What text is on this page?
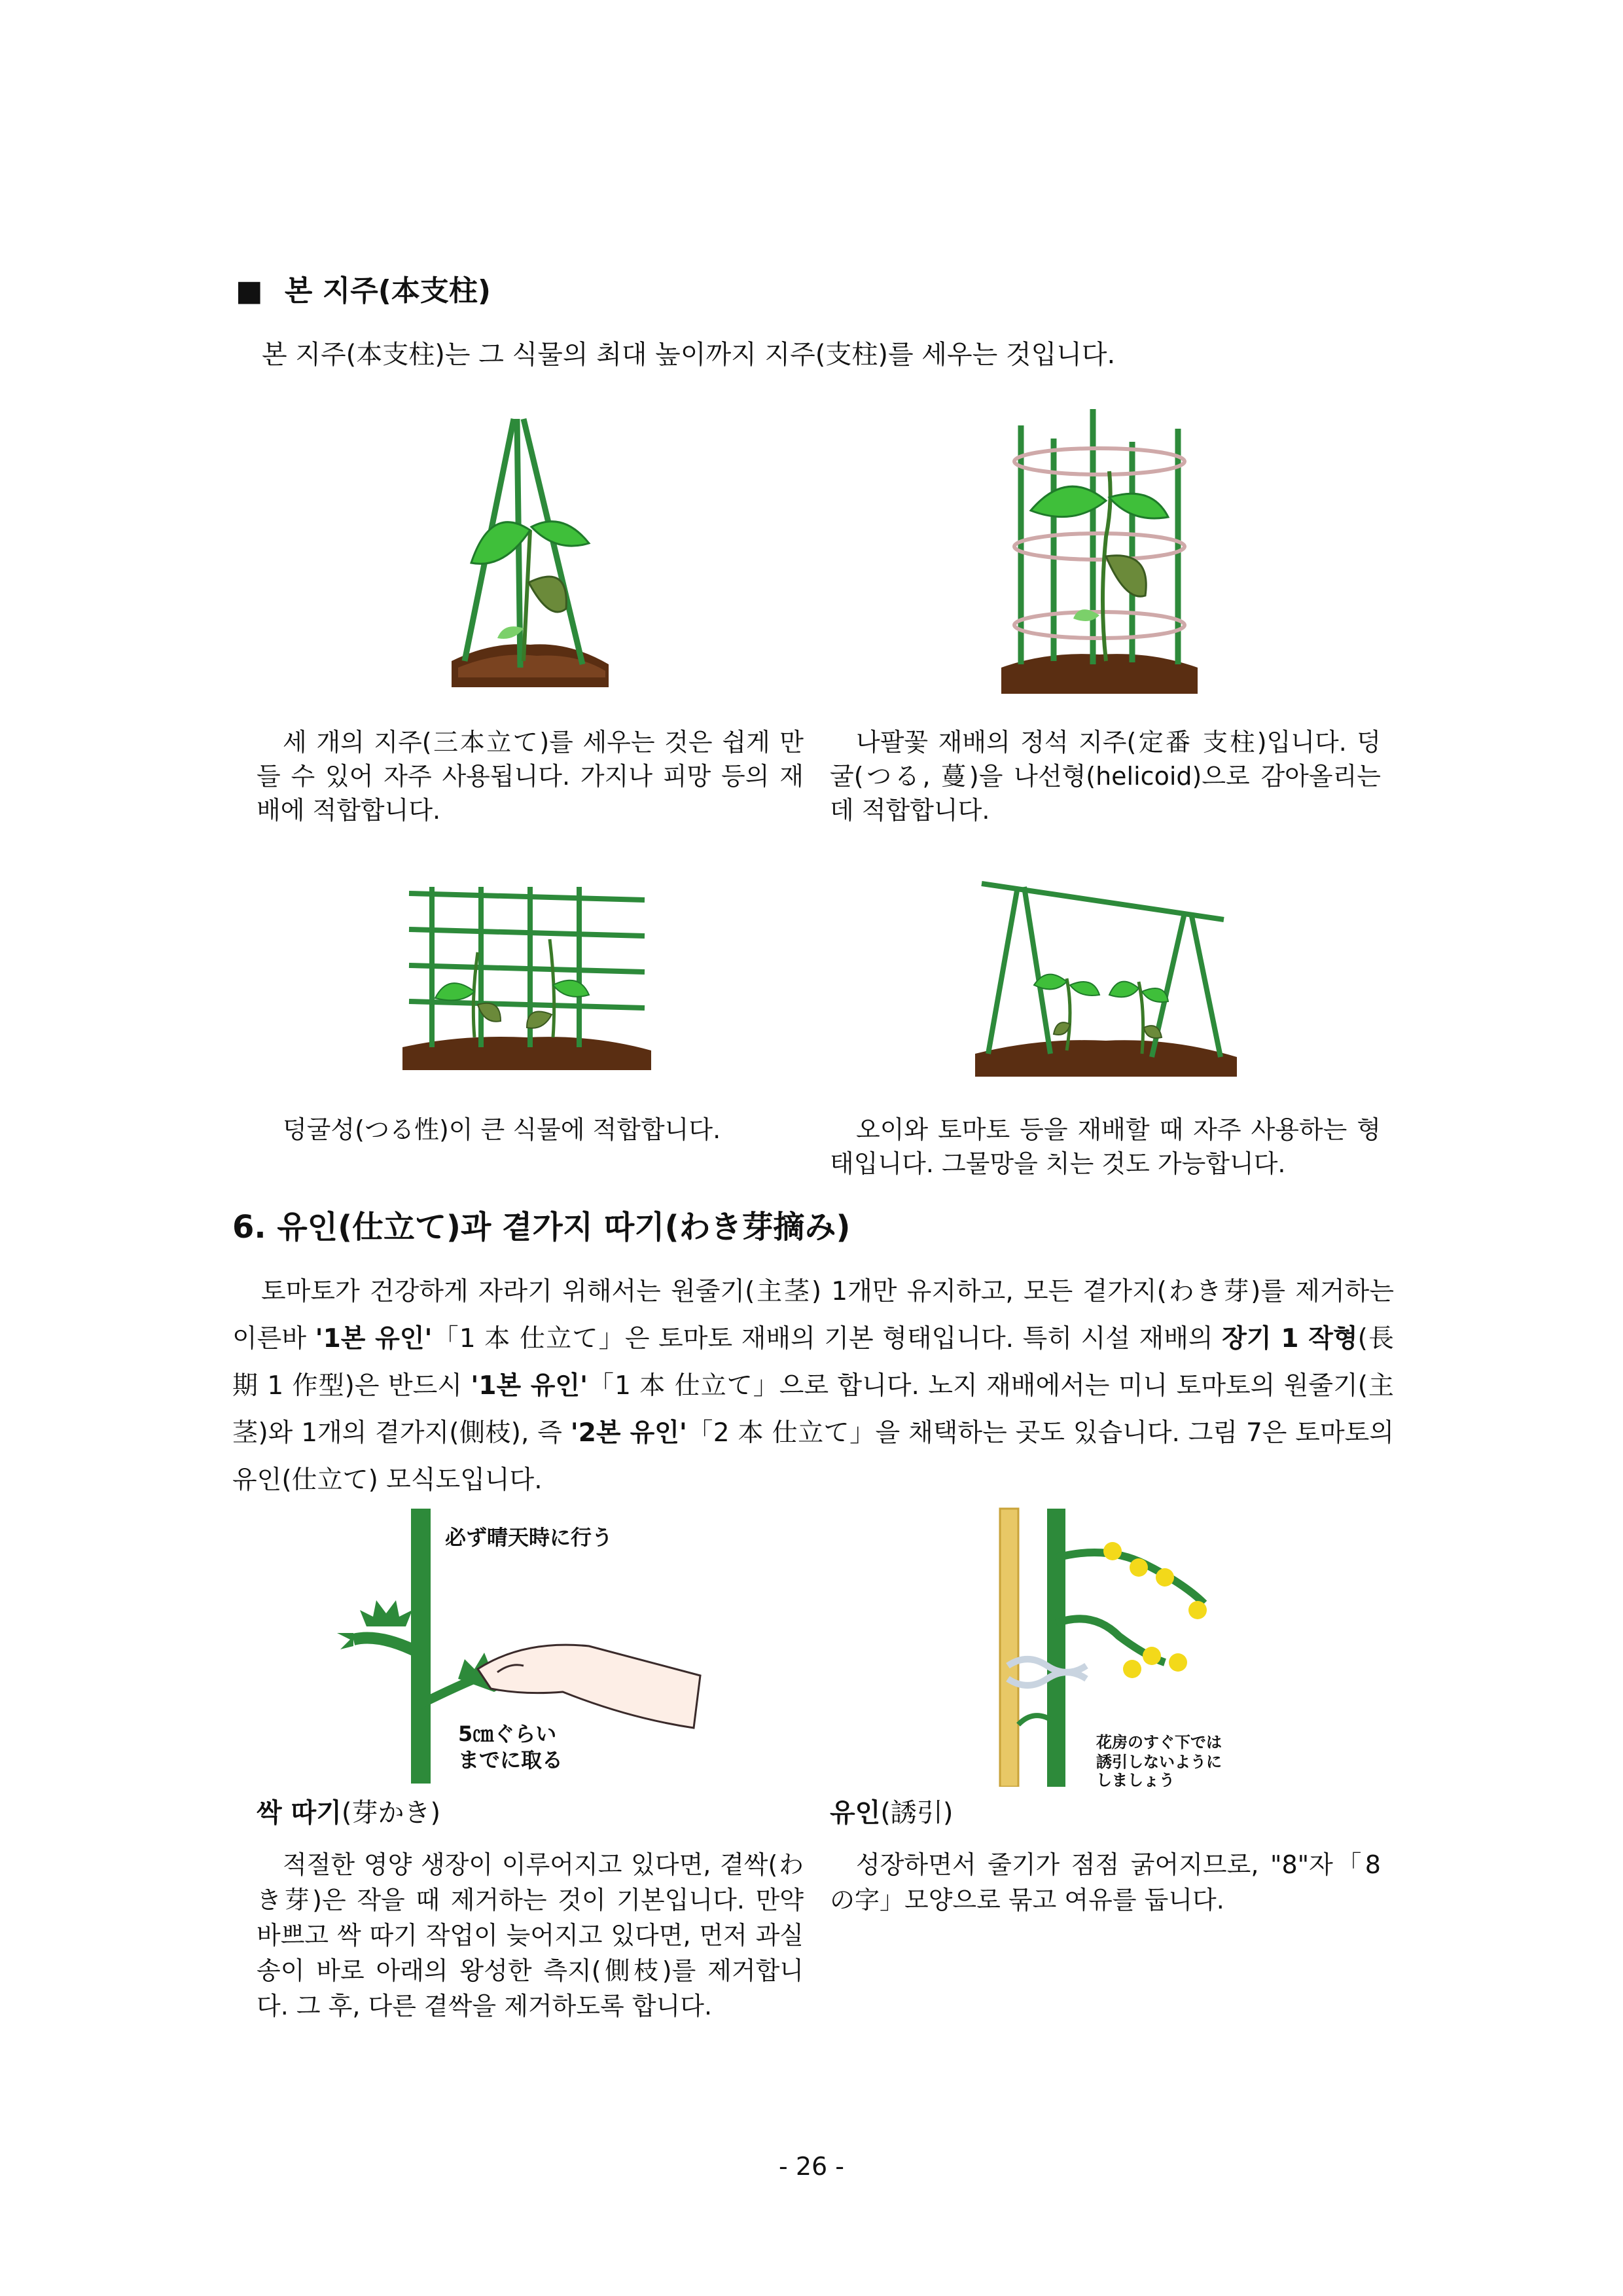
■ 본 지주(本支柱)
본 지주(本支柱)는 그 식물의 최대 높이까지 지주(支柱)를 세우는 것입니다.
세 개의 지주(三本立て)를 세우는 것은 쉽게 만들 수 있어 자주 사용됩니다. 가지나 피망 등의 재배에 적합합니다.
나팔꽃 재배의 정석 지주(定番 支柱)입니다. 덩굴(つる, 蔓)을 나선형(helicoid)으로 감아올리는 데 적합합니다.
덩굴성(つる性)이 큰 식물에 적합합니다.	오이와 토마토 등을 재배할 때 자주 사용하는 형태입니다. 그물망을 치는 것도 가능합니다.
6. 유인(仕立て)과 곁가지 따기(わき芽摘み)
토마토가 건강하게 자라기 위해서는 원줄기(主茎) 1개만 유지하고, 모든 곁가지(わき芽)를 제거하는 이른바 '1본 유인'「1 本 仕立て」은 토마토 재배의 기본 형태입니다. 특히 시설 재배의 장기 1 작형(長期 1 作型)은 반드시 '1본 유인'「1 本 仕立て」으로 합니다. 노지 재배에서는 미니 토마토의 원줄기(主茎)와 1개의 곁가지(側枝), 즉 '2본 유인'「2 本 仕立て」을 채택하는 곳도 있습니다. 그림 7은 토마토의 유인(仕立て) 모식도입니다.
必ず晴天時に行う
5㎝ぐらい
までに取る
花房のすぐ下では
誘引しないように
しましょう
싹 따기(芽かき)
적절한 영양 생장이 이루어지고 있다면, 곁싹(わき芽)은 작을 때 제거하는 것이 기본입니다. 만약 바쁘고 싹 따기 작업이 늦어지고 있다면, 먼저 과실송이 바로 아래의 왕성한 측지(側枝)를 제거합니다. 그 후, 다른 곁싹을 제거하도록 합니다.
유인(誘引)
성장하면서 줄기가 점점 굵어지므로, "8"자「8の字」모양으로 묶고 여유를 둡니다.
- 26 -
